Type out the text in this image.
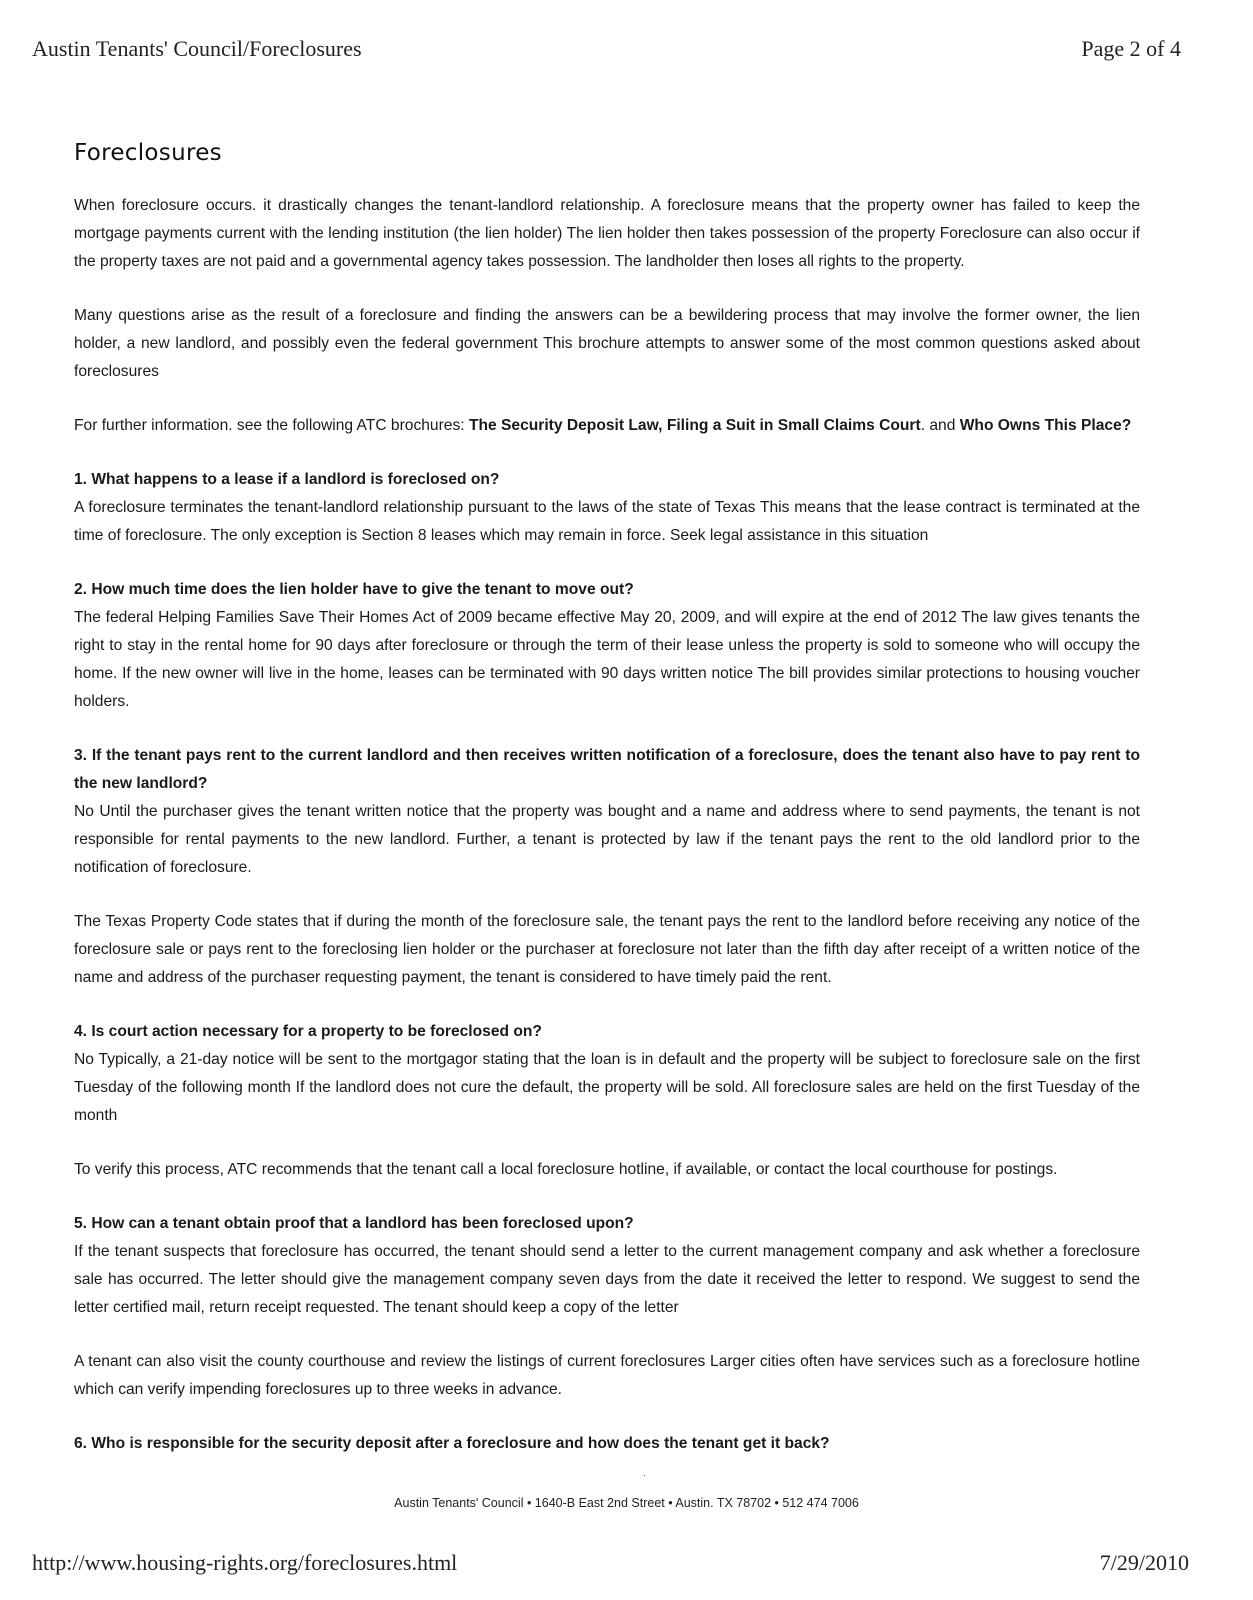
Austin Tenants' Council/Foreclosures	Page 2 of 4
Foreclosures

When foreclosure occurs. it drastically changes the tenant-landlord relationship. A foreclosure means that the property owner has failed to keep the mortgage payments current with the lending institution (the lien holder) The lien holder then takes possession of the property Foreclosure can also occur if the property taxes are not paid and a governmental agency takes possession. The landholder then loses all rights to the property.

Many questions arise as the result of a foreclosure and finding the answers can be a bewildering process that may involve the former owner, the lien holder, a new landlord, and possibly even the federal government This brochure attempts to answer some of the most common questions asked about foreclosures

For further information. see the following ATC brochures: The Security Deposit Law, Filing a Suit in Small Claims Court. and Who Owns This Place?

1. What happens to a lease if a landlord is foreclosed on?
A foreclosure terminates the tenant-landlord relationship pursuant to the laws of the state of Texas This means that the lease contract is terminated at the time of foreclosure. The only exception is Section 8 leases which may remain in force. Seek legal assistance in this situation

2. How much time does the lien holder have to give the tenant to move out?
The federal Helping Families Save Their Homes Act of 2009 became effective May 20, 2009, and will expire at the end of 2012 The law gives tenants the right to stay in the rental home for 90 days after foreclosure or through the term of their lease unless the property is sold to someone who will occupy the home. If the new owner will live in the home, leases can be terminated with 90 days written notice The bill provides similar protections to housing voucher holders.

3. If the tenant pays rent to the current landlord and then receives written notification of a foreclosure, does the tenant also have to pay rent to the new landlord?
No Until the purchaser gives the tenant written notice that the property was bought and a name and address where to send payments, the tenant is not responsible for rental payments to the new landlord. Further, a tenant is protected by law if the tenant pays the rent to the old landlord prior to the notification of foreclosure.

The Texas Property Code states that if during the month of the foreclosure sale, the tenant pays the rent to the landlord before receiving any notice of the foreclosure sale or pays rent to the foreclosing lien holder or the purchaser at foreclosure not later than the fifth day after receipt of a written notice of the name and address of the purchaser requesting payment, the tenant is considered to have timely paid the rent.

4. Is court action necessary for a property to be foreclosed on?
No Typically, a 21-day notice will be sent to the mortgagor stating that the loan is in default and the property will be subject to foreclosure sale on the first Tuesday of the following month If the landlord does not cure the default, the property will be sold. All foreclosure sales are held on the first Tuesday of the month

To verify this process, ATC recommends that the tenant call a local foreclosure hotline, if available, or contact the local courthouse for postings.

5. How can a tenant obtain proof that a landlord has been foreclosed upon?
If the tenant suspects that foreclosure has occurred, the tenant should send a letter to the current management company and ask whether a foreclosure sale has occurred. The letter should give the management company seven days from the date it received the letter to respond. We suggest to send the letter certified mail, return receipt requested. The tenant should keep a copy of the letter

A tenant can also visit the county courthouse and review the listings of current foreclosures Larger cities often have services such as a foreclosure hotline which can verify impending foreclosures up to three weeks in advance.

6. Who is responsible for the security deposit after a foreclosure and how does the tenant get it back?

·
Austin Tenants' Council • 1640-B East 2nd Street • Austin. TX 78702 • 512 474 7006
http://www.housing-rights.org/foreclosures.html	7/29/2010
